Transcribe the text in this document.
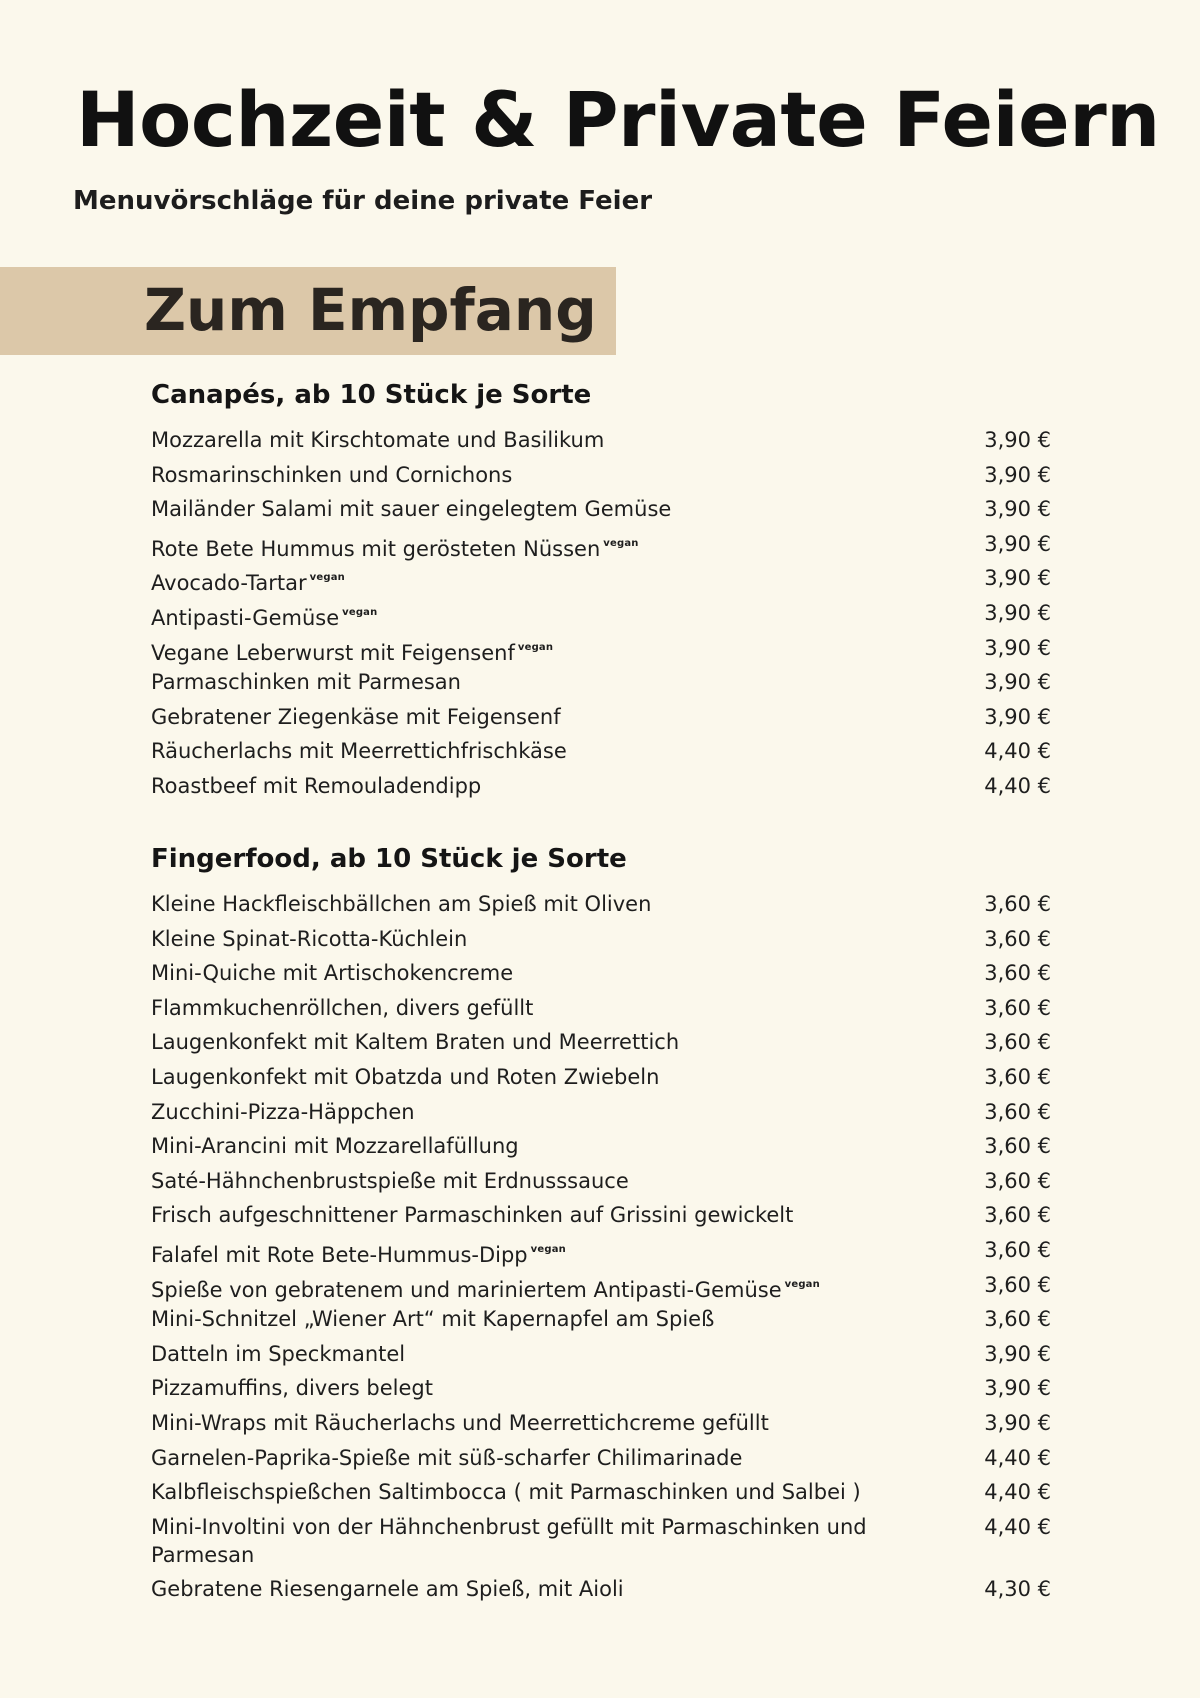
Hochzeit & Private Feiern

Menuvörschläge für deine private Feier

Zum Empfang
Canapés, ab 10 Stück je Sorte
Mozzarella mit Kirschtomate und Basilikum	3,90 €
Rosmarinschinken und Cornichons	3,90 €
Mailänder Salami mit sauer eingelegtem Gemüse	3,90 €
Rote Bete Hummus mit gerösteten Nüssen $^{vegan}$	3,90 €
Avocado-Tartar $^{vegan}$	3,90 €
Antipasti-Gemüse $^{vegan}$	3,90 €
Vegane Leberwurst mit Feigensenf $^{vegan}$	3,90 €
Parmaschinken mit Parmesan	3,90 €
Gebratener Ziegenkäse mit Feigensenf	3,90 €
Räucherlachs mit Meerrettichfrischkäse	4,40 €
Roastbeef mit Remouladendipp	4,40 €
Fingerfood, ab 10 Stück je Sorte
Kleine Hackfleischbällchen am Spieß mit Oliven	3,60 €
Kleine Spinat-Ricotta-Küchlein	3,60 €
Mini-Quiche mit Artischokencreme	3,60 €
Flammkuchenröllchen, divers gefüllt	3,60 €
Laugenkonfekt mit Kaltem Braten und Meerrettich	3,60 €
Laugenkonfekt mit Obatzda und Roten Zwiebeln	3,60 €
Zucchini-Pizza-Häppchen	3,60 €
Mini-Arancini mit Mozzarellafüllung	3,60 €
Saté-Hähnchenbrustspieße mit Erdnusssauce	3,60 €
Frisch aufgeschnittener Parmaschinken auf Grissini gewickelt	3,60 €
Falafel mit Rote Bete-Hummus-Dipp $^{vegan}$	3,60 €
Spieße von gebratenem und mariniertem Antipasti-Gemüse $^{vegan}$	3,60 €
Mini-Schnitzel „Wiener Art“ mit Kapernapfel am Spieß	3,60 €
Datteln im Speckmantel	3,90 €
Pizzamuffins, divers belegt	3,90 €
Mini-Wraps mit Räucherlachs und Meerrettichcreme gefüllt	3,90 €
Garnelen-Paprika-Spieße mit süß-scharfer Chilimarinade	4,40 €
Kalbfleischspießchen Saltimbocca ( mit Parmaschinken und Salbei )	4,40 €
Mini-Involtini von der Hähnchenbrust gefüllt mit Parmaschinken und Parmesan
4,40 €
Gebratene Riesengarnele am Spieß, mit Aioli	4,30 €
